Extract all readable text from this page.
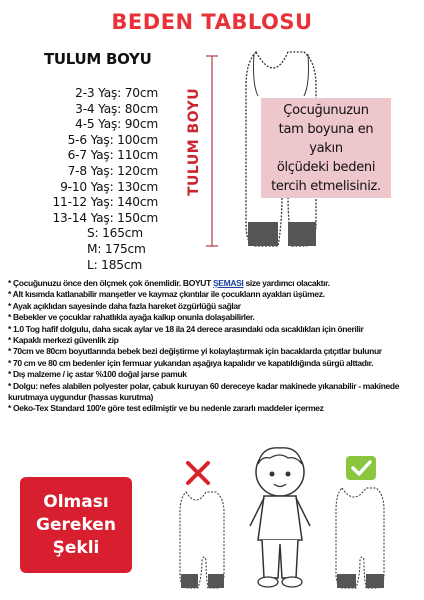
BEDEN TABLOSU
TULUM BOYU
2-3 Yaş: 70cm
3-4 Yaş: 80cm
4-5 Yaş: 90cm
5-6 Yaş: 100cm
6-7 Yaş: 110cm
7-8 Yaş: 120cm
9-10 Yaş: 130cm
11-12 Yaş: 140cm
13-14 Yaş: 150cm
S: 165cm
M: 175cm
L: 185cm
Çocuğunuzun
tam boyuna en yakın
ölçüdeki bedeni
tercih etmelisiniz.
TULUM BOYU
* Çocuğunuzu önce den ölçmek çok önemlidir. BOYUT ŞEMASI size yardımcı olacaktır.
* Alt kısımda katlanabilir manşetler ve kaymaz çkıntılar ile çocukların ayakları üşümez.
* Ayak açıklıdan sayesinde daha fazla hareket özgürlüğü sağlar
* Bebekler ve çocuklar rahatlıkla ayağa kalkıp onunla dolaşabilirler.
* 1.0 Tog hafif dolgulu, daha sıcak aylar ve 18 ila 24 derece arasındaki oda sıcaklıkları için önerilir
* Kapaklı merkezi güvenlik zip
* 70cm ve 80cm boyutlarında bebek bezi değiştirme yi kolaylaştırmak için bacaklarda çıtçıtlar bulunur
* 70 cm ve 80 cm bedenler için fermuar yukarıdan aşağıya kapalıdır ve kapatıldığında sürgü alttadır.
* Dış malzeme / iç astar %100 doğal jarse pamuk
* Dolgu: nefes alabilen polyester polar, çabuk kuruyan 60 dereceye kadar makinede yıkanabilir - makinede
kurutmaya uygundur (hassas kurutma)
* Oeko-Tex Standard 100'e göre test edilmiştir ve bu nedenle zararlı maddeler içermez
Olması
Gereken
Şekli
